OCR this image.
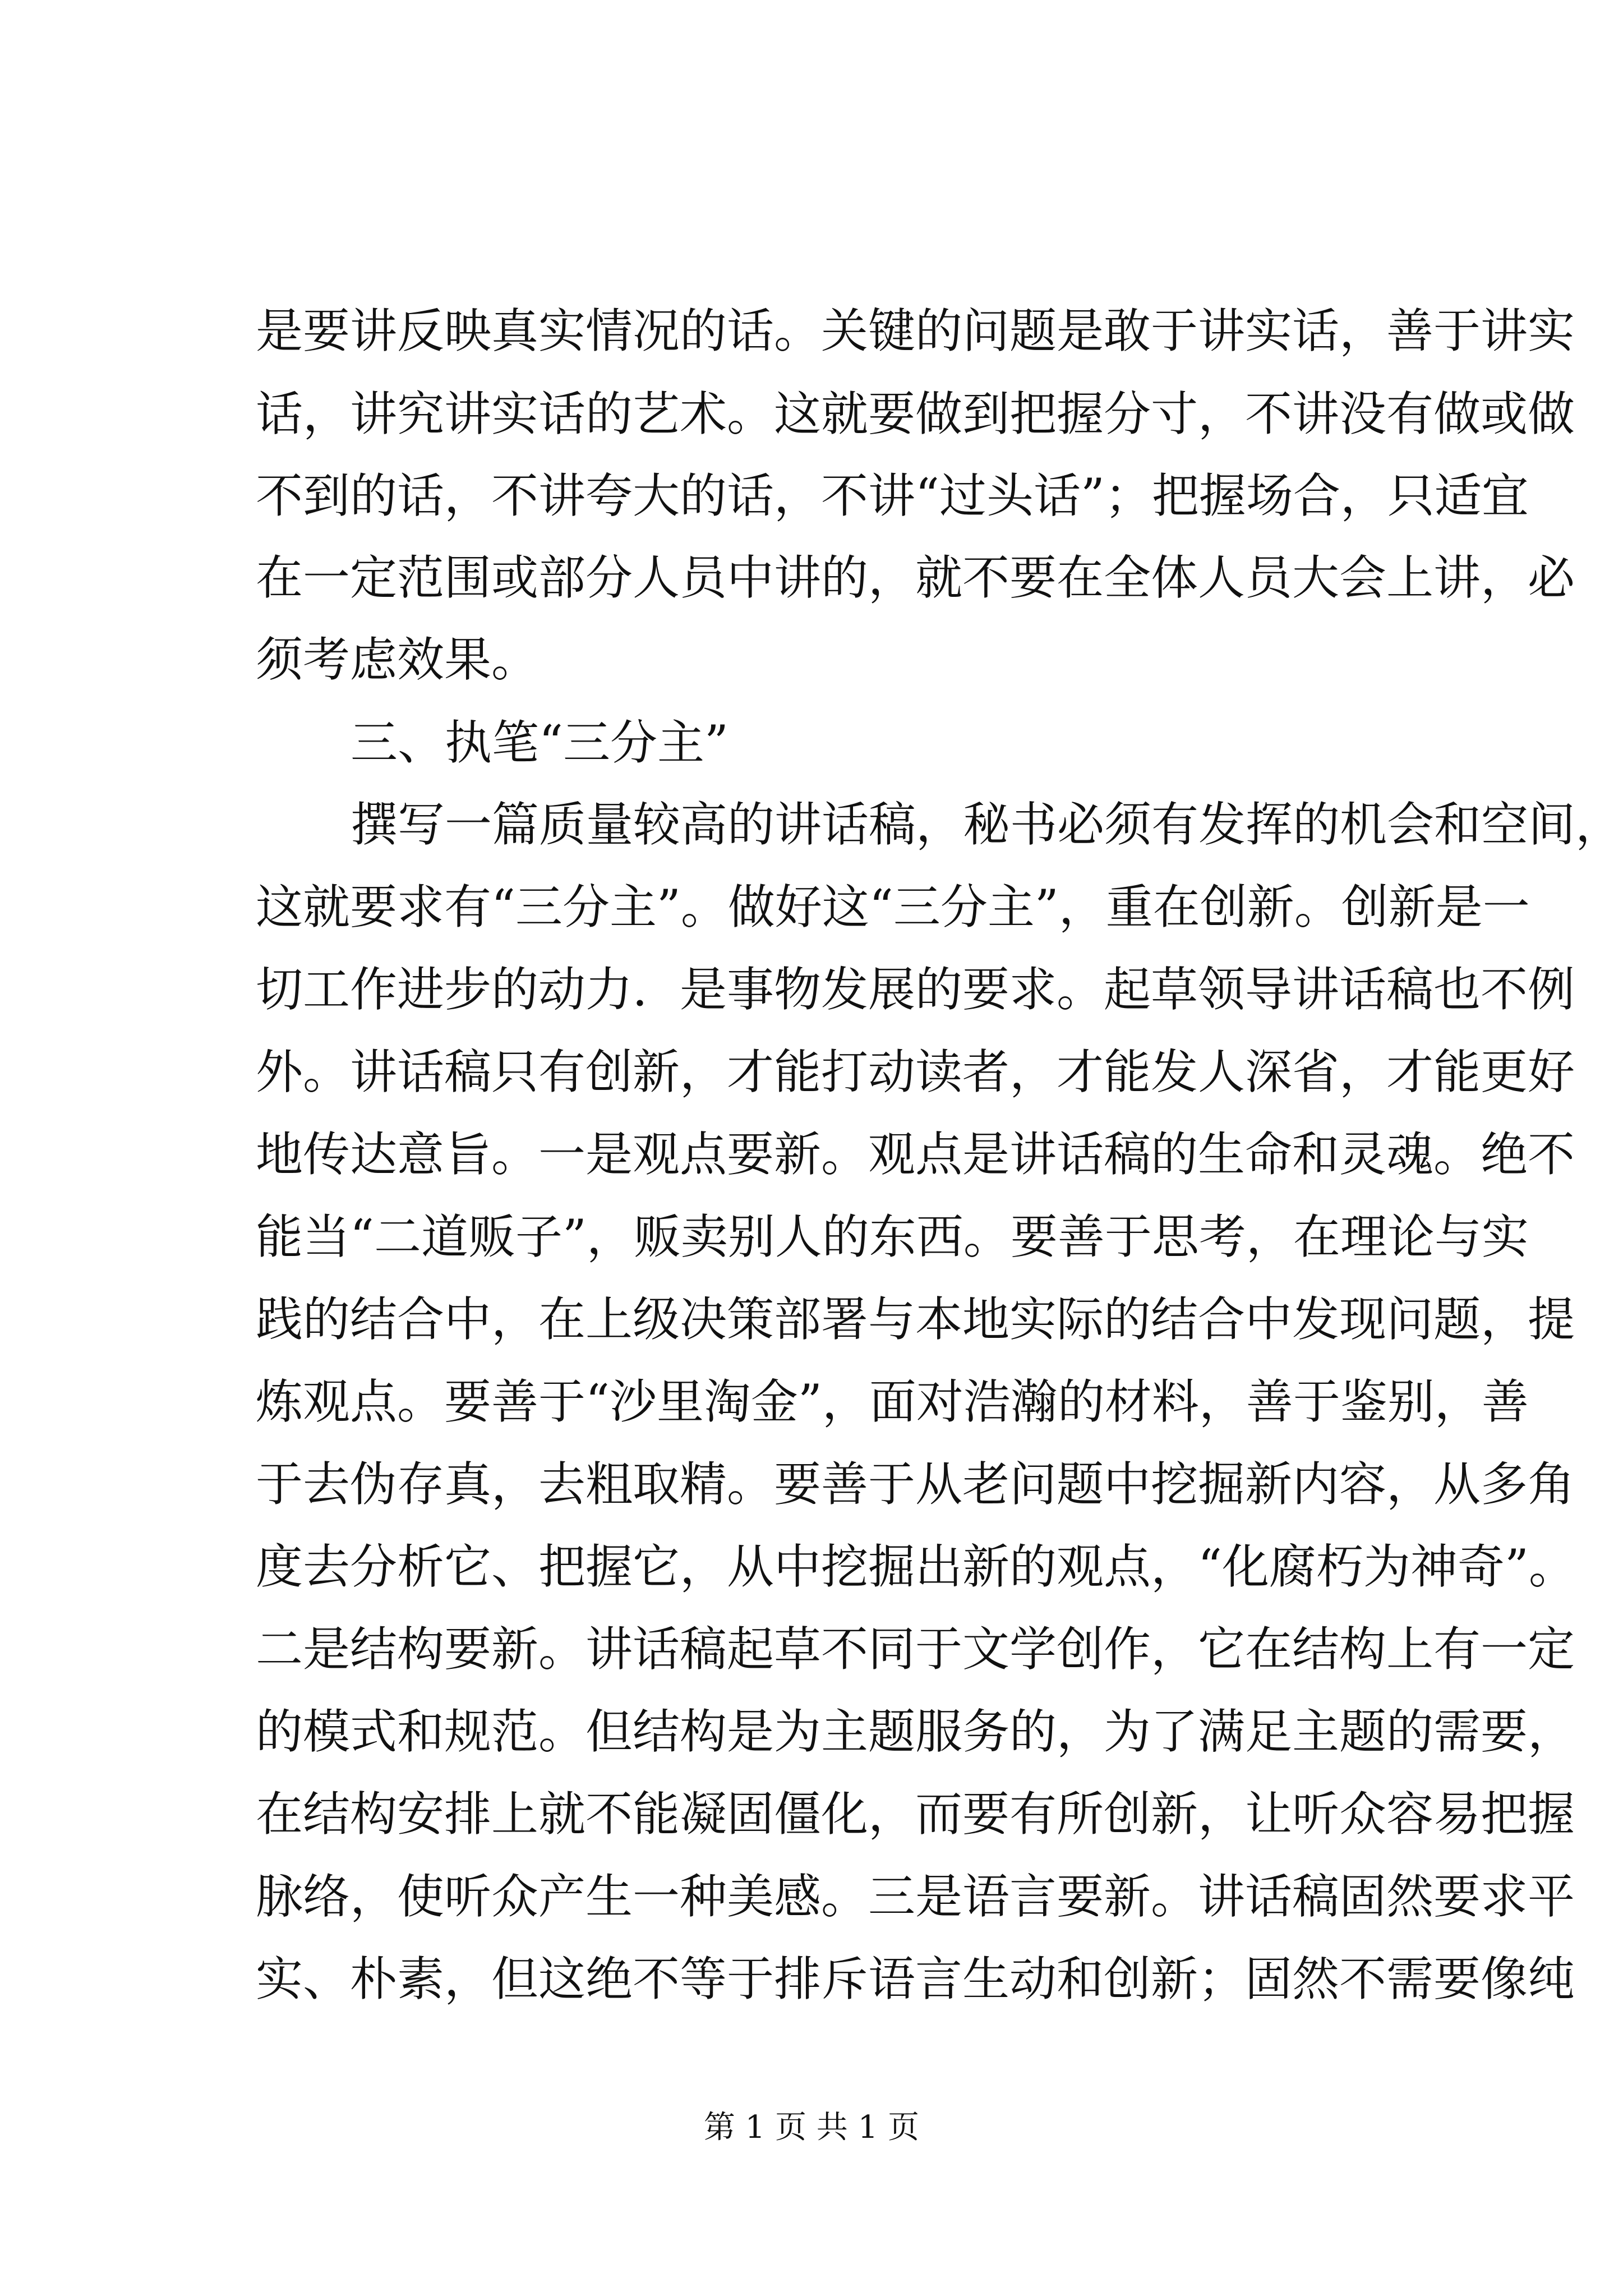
是要讲反映真实情况的话。关键的问题是敢于讲实话，善于讲实
话，讲究讲实话的艺术。这就要做到把握分寸，不讲没有做或做
不到的话，不讲夸大的话，不讲“过头话”；把握场合，只适宜
在一定范围或部分人员中讲的，就不要在全体人员大会上讲，必
须考虑效果。
三、执笔“三分主”
撰写一篇质量较高的讲话稿，秘书必须有发挥的机会和空间，
这就要求有“三分主”。做好这“三分主”，重在创新。创新是一
切工作进步的动力．是事物发展的要求。起草领导讲话稿也不例
外。讲话稿只有创新，才能打动读者，才能发人深省，才能更好
地传达意旨。一是观点要新。观点是讲话稿的生命和灵魂。绝不
能当“二道贩子”，贩卖别人的东西。要善于思考，在理论与实
践的结合中，在上级决策部署与本地实际的结合中发现问题，提
炼观点。要善于“沙里淘金”，面对浩瀚的材料，善于鉴别，善
于去伪存真，去粗取精。要善于从老问题中挖掘新内容，从多角
度去分析它、把握它，从中挖掘出新的观点，“化腐朽为神奇”。
二是结构要新。讲话稿起草不同于文学创作，它在结构上有一定
的模式和规范。但结构是为主题服务的，为了满足主题的需要，
在结构安排上就不能凝固僵化，而要有所创新，让听众容易把握
脉络，使听众产生一种美感。三是语言要新。讲话稿固然要求平
实、朴素，但这绝不等于排斥语言生动和创新；固然不需要像纯
第 1 页 共 1 页
